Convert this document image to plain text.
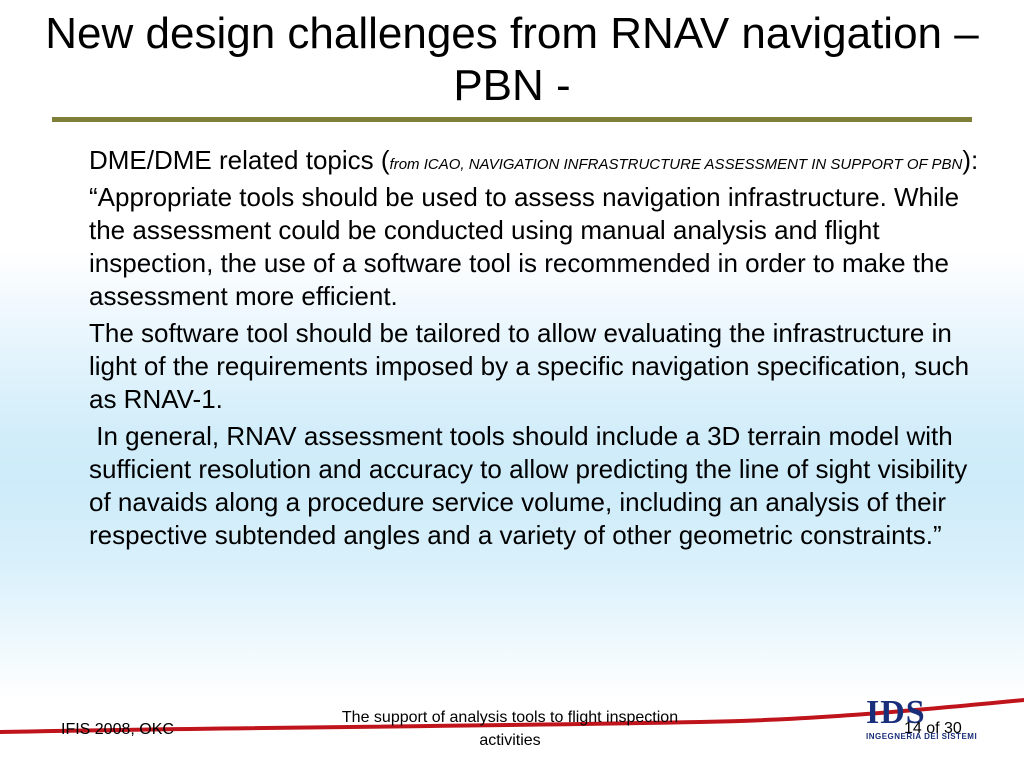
New design challenges from RNAV navigation – PBN -

DME/DME related topics (from ICAO, NAVIGATION INFRASTRUCTURE ASSESSMENT IN SUPPORT OF PBN): “Appropriate tools should be used to assess navigation infrastructure. While the assessment could be conducted using manual analysis and flight inspection, the use of a software tool is recommended in order to make the assessment more efficient.

The software tool should be tailored to allow evaluating the infrastructure in light of the requirements imposed by a specific navigation specification, such as RNAV-1.

In general, RNAV assessment tools should include a 3D terrain model with sufficient resolution and accuracy to allow predicting the line of sight visibility of navaids along a procedure service volume, including an analysis of their respective subtended angles and a variety of other geometric constraints.”

IFIS 2008, OKC
The support of analysis tools to flight inspection activities
IDS
INGEGNERIA DEI SISTEMI
14 of 30
